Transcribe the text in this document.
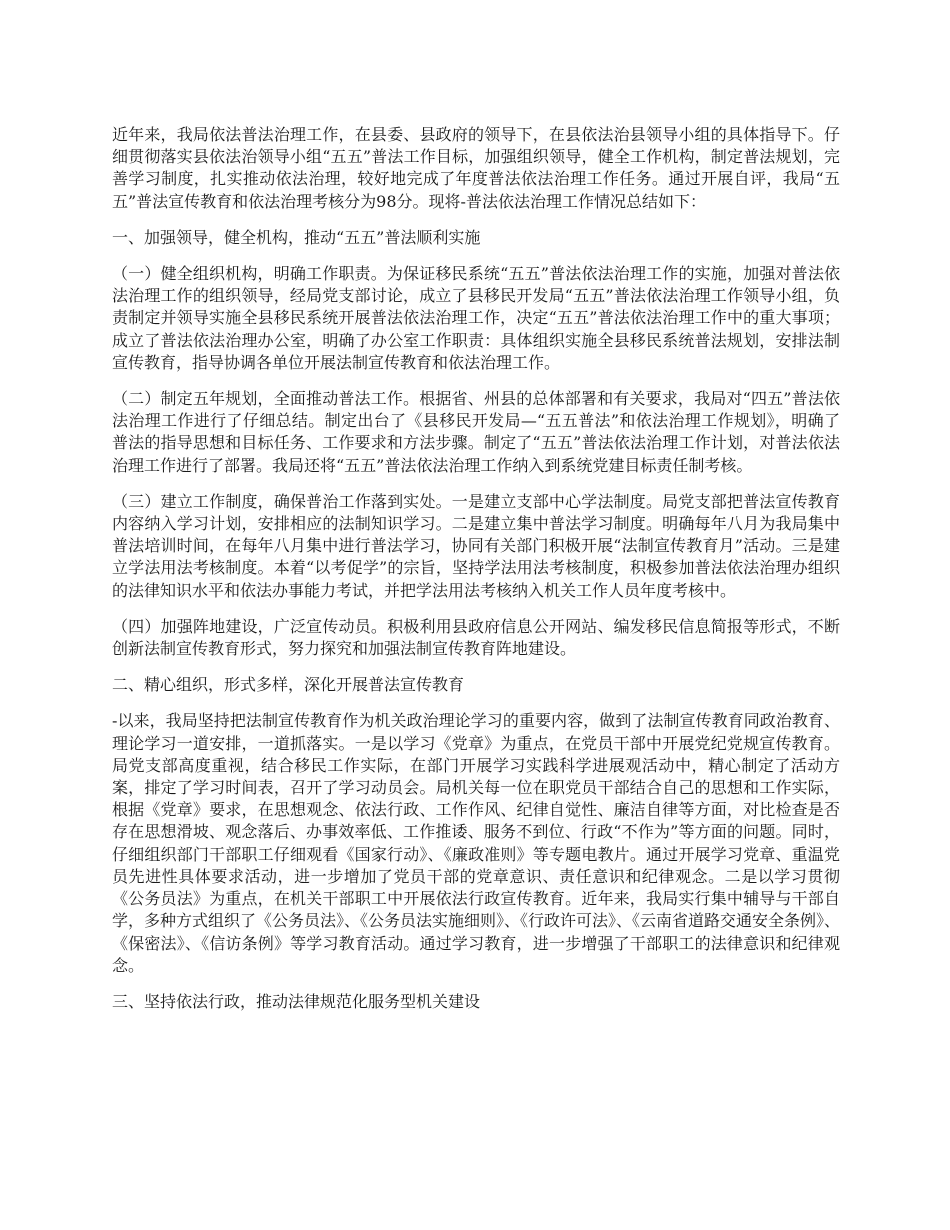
近年来，我局依法普法治理工作，在县委、县政府的领导下，在县依法治县领导小组的具体指导下。仔细贯彻落实县依法治领导小组“五五”普法工作目标，加强组织领导，健全工作机构，制定普法规划，完善学习制度，扎实推动依法治理，较好地完成了年度普法依法治理工作任务。通过开展自评，我局“五五”普法宣传教育和依法治理考核分为98分。现将-普法依法治理工作情况总结如下：

一、加强领导，健全机构，推动“五五”普法顺利实施

（一）健全组织机构，明确工作职责。为保证移民系统“五五”普法依法治理工作的实施，加强对普法依法治理工作的组织领导，经局党支部讨论，成立了县移民开发局“五五”普法依法治理工作领导小组，负责制定并领导实施全县移民系统开展普法依法治理工作，决定“五五”普法依法治理工作中的重大事项；成立了普法依法治理办公室，明确了办公室工作职责：具体组织实施全县移民系统普法规划，安排法制宣传教育，指导协调各单位开展法制宣传教育和依法治理工作。

（二）制定五年规划，全面推动普法工作。根据省、州县的总体部署和有关要求，我局对“四五”普法依法治理工作进行了仔细总结。制定出台了《县移民开发局—“五五普法”和依法治理工作规划》，明确了普法的指导思想和目标任务、工作要求和方法步骤。制定了“五五”普法依法治理工作计划，对普法依法治理工作进行了部署。我局还将“五五”普法依法治理工作纳入到系统党建目标责任制考核。

（三）建立工作制度，确保普治工作落到实处。一是建立支部中心学法制度。局党支部把普法宣传教育内容纳入学习计划，安排相应的法制知识学习。二是建立集中普法学习制度。明确每年八月为我局集中普法培训时间，在每年八月集中进行普法学习，协同有关部门积极开展“法制宣传教育月”活动。三是建立学法用法考核制度。本着“以考促学”的宗旨，坚持学法用法考核制度，积极参加普法依法治理办组织的法律知识水平和依法办事能力考试，并把学法用法考核纳入机关工作人员年度考核中。

（四）加强阵地建设，广泛宣传动员。积极利用县政府信息公开网站、编发移民信息简报等形式，不断创新法制宣传教育形式，努力探究和加强法制宣传教育阵地建设。

二、精心组织，形式多样，深化开展普法宣传教育

-以来，我局坚持把法制宣传教育作为机关政治理论学习的重要内容，做到了法制宣传教育同政治教育、理论学习一道安排，一道抓落实。一是以学习《党章》为重点，在党员干部中开展党纪党规宣传教育。局党支部高度重视，结合移民工作实际，在部门开展学习实践科学进展观活动中，精心制定了活动方案，排定了学习时间表，召开了学习动员会。局机关每一位在职党员干部结合自己的思想和工作实际，根据《党章》要求，在思想观念、依法行政、工作作风、纪律自觉性、廉洁自律等方面，对比检查是否存在思想滑坡、观念落后、办事效率低、工作推诿、服务不到位、行政“不作为”等方面的问题。同时，仔细组织部门干部职工仔细观看《国家行动》、《廉政准则》等专题电教片。通过开展学习党章、重温党员先进性具体要求活动，进一步增加了党员干部的党章意识、责任意识和纪律观念。二是以学习贯彻《公务员法》为重点，在机关干部职工中开展依法行政宣传教育。近年来，我局实行集中辅导与干部自学，多种方式组织了《公务员法》、《公务员法实施细则》、《行政许可法》、《云南省道路交通安全条例》、《保密法》、《信访条例》等学习教育活动。通过学习教育，进一步增强了干部职工的法律意识和纪律观念。

三、坚持依法行政，推动法律规范化服务型机关建设
